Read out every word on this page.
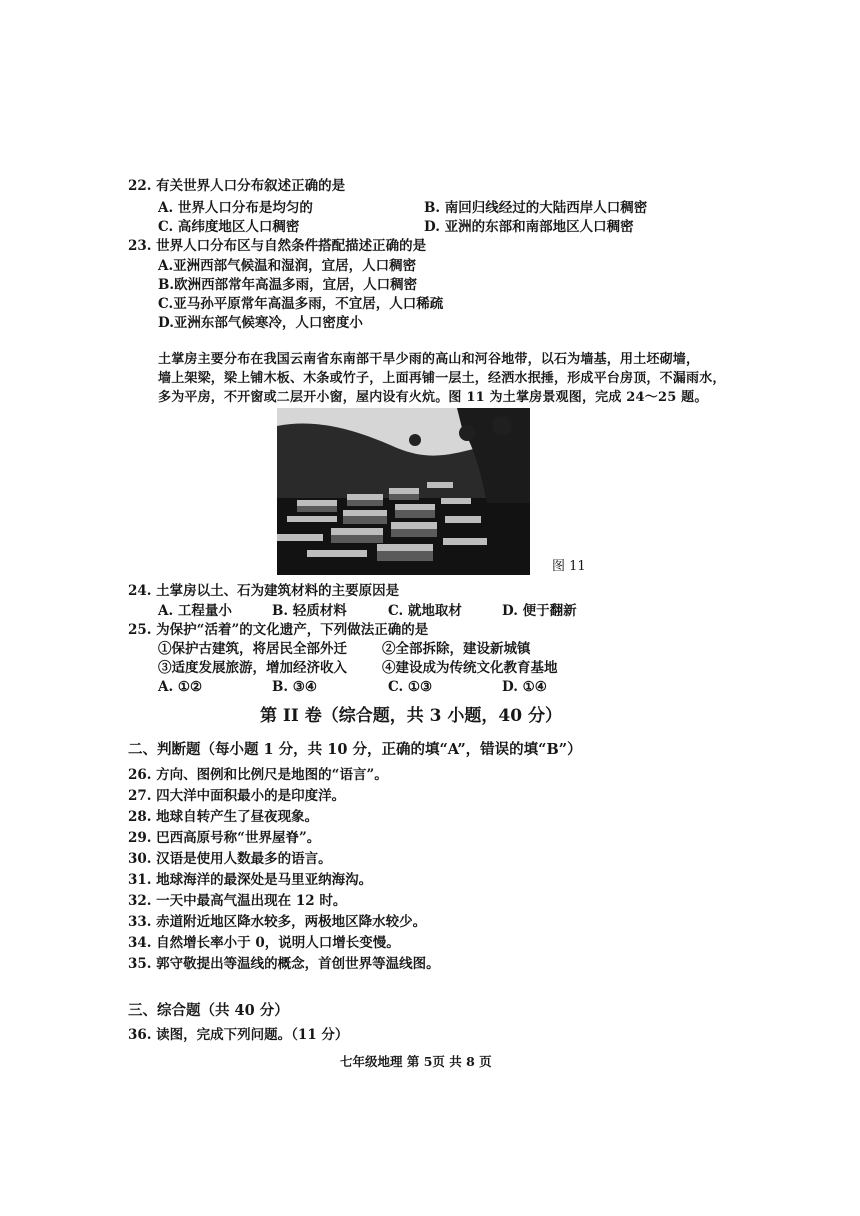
22. 有关世界人口分布叙述正确的是
A. 世界人口分布是均匀的	B. 南回归线经过的大陆西岸人口稠密
C. 高纬度地区人口稠密	D. 亚洲的东部和南部地区人口稠密
23. 世界人口分布区与自然条件搭配描述正确的是
A.亚洲西部气候温和湿润，宜居，人口稠密
B.欧洲西部常年高温多雨，宜居，人口稠密
C.亚马孙平原常年高温多雨，不宜居，人口稀疏
D.亚洲东部气候寒冷，人口密度小
土掌房主要分布在我国云南省东南部干旱少雨的高山和河谷地带，以石为墙基，用土坯砌墙，
墙上架梁，梁上铺木板、木条或竹子，上面再铺一层土，经洒水抿捶，形成平台房顶，不漏雨水，
多为平房，不开窗或二层开小窗，屋内设有火炕。图 11 为土掌房景观图，完成 24～25 题。
图 11
24. 土掌房以土、石为建筑材料的主要原因是
A. 工程量小	B. 轻质材料	C. 就地取材	D. 便于翻新
25. 为保护“活着”的文化遗产，下列做法正确的是
①保护古建筑，将居民全部外迁	②全部拆除，建设新城镇
③适度发展旅游，增加经济收入	④建设成为传统文化教育基地
A. ①②	B. ③④	C. ①③	D. ①④
第 II 卷（综合题，共 3 小题，40 分）
二、判断题（每小题 1 分，共 10 分，正确的填“A”，错误的填“B”）
26. 方向、图例和比例尺是地图的“语言”。
27. 四大洋中面积最小的是印度洋。
28. 地球自转产生了昼夜现象。
29. 巴西高原号称“世界屋脊”。
30. 汉语是使用人数最多的语言。
31. 地球海洋的最深处是马里亚纳海沟。
32. 一天中最高气温出现在 12 时。
33. 赤道附近地区降水较多，两极地区降水较少。
34. 自然增长率小于 0，说明人口增长变慢。
35. 郭守敬提出等温线的概念，首创世界等温线图。
三、综合题（共 40 分）
36. 读图，完成下列问题。（11 分）
七年级地理 第 5页 共 8 页
